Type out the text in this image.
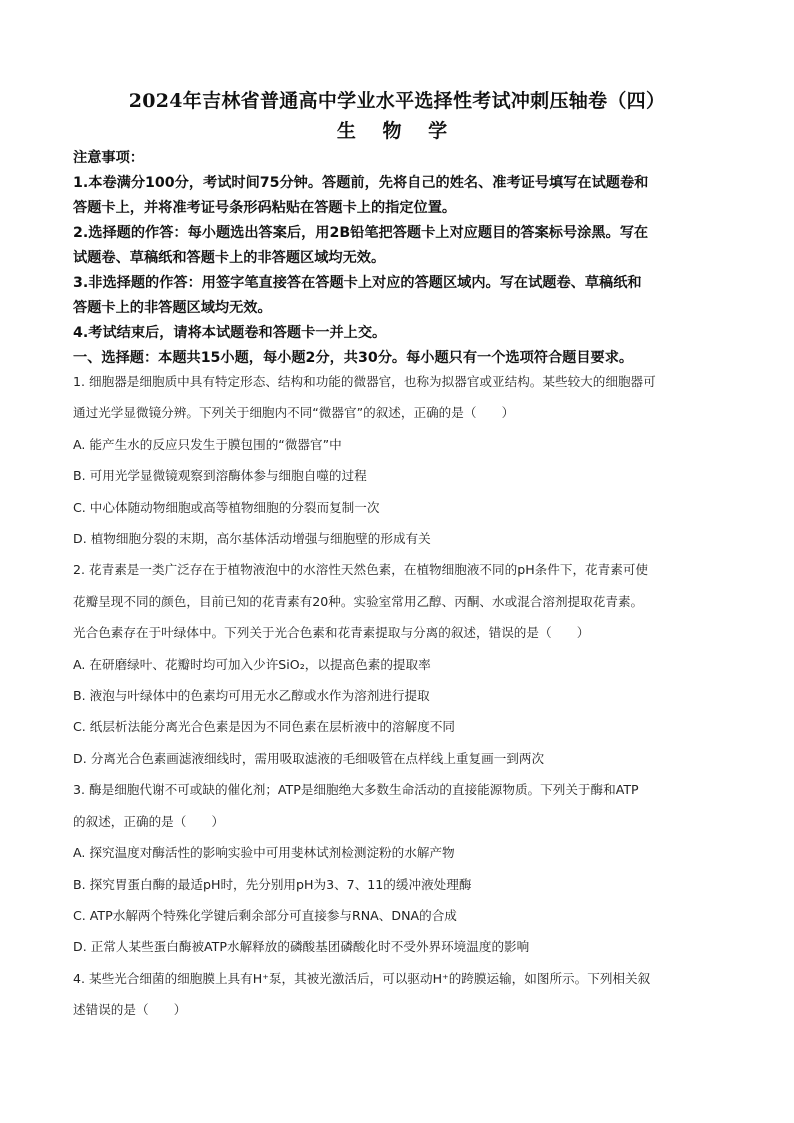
2024年吉林省普通高中学业水平选择性考试冲刺压轴卷（四）
生 物 学

注意事项：

1.本卷满分100分，考试时间75分钟。答题前，先将自己的姓名、准考证号填写在试题卷和

答题卡上，并将准考证号条形码粘贴在答题卡上的指定位置。

2.选择题的作答：每小题选出答案后，用2B铅笔把答题卡上对应题目的答案标号涂黑。写在

试题卷、草稿纸和答题卡上的非答题区域均无效。

3.非选择题的作答：用签字笔直接答在答题卡上对应的答题区域内。写在试题卷、草稿纸和

答题卡上的非答题区域均无效。

4.考试结束后，请将本试题卷和答题卡一并上交。

一、选择题：本题共15小题，每小题2分，共30分。每小题只有一个选项符合题目要求。

1. 细胞器是细胞质中具有特定形态、结构和功能的微器官，也称为拟器官或亚结构。某些较大的细胞器可

通过光学显微镜分辨。下列关于细胞内不同“微器官”的叙述，正确的是（　　）

A. 能产生水的反应只发生于膜包围的“微器官”中

B. 可用光学显微镜观察到溶酶体参与细胞自噬的过程

C. 中心体随动物细胞或高等植物细胞的分裂而复制一次

D. 植物细胞分裂的末期，高尔基体活动增强与细胞壁的形成有关

2. 花青素是一类广泛存在于植物液泡中的水溶性天然色素，在植物细胞液不同的pH条件下，花青素可使

花瓣呈现不同的颜色，目前已知的花青素有20种。实验室常用乙醇、丙酮、水或混合溶剂提取花青素。

光合色素存在于叶绿体中。下列关于光合色素和花青素提取与分离的叙述，错误的是（　　）

A. 在研磨绿叶、花瓣时均可加入少许SiO₂，以提高色素的提取率

B. 液泡与叶绿体中的色素均可用无水乙醇或水作为溶剂进行提取

C. 纸层析法能分离光合色素是因为不同色素在层析液中的溶解度不同

D. 分离光合色素画滤液细线时，需用吸取滤液的毛细吸管在点样线上重复画一到两次

3. 酶是细胞代谢不可或缺的催化剂；ATP是细胞绝大多数生命活动的直接能源物质。下列关于酶和ATP

的叙述，正确的是（　　）

A. 探究温度对酶活性的影响实验中可用斐林试剂检测淀粉的水解产物

B. 探究胃蛋白酶的最适pH时，先分别用pH为3、7、11的缓冲液处理酶

C. ATP水解两个特殊化学键后剩余部分可直接参与RNA、DNA的合成

D. 正常人某些蛋白酶被ATP水解释放的磷酸基团磷酸化时不受外界环境温度的影响

4. 某些光合细菌的细胞膜上具有H⁺泵，其被光激活后，可以驱动H⁺的跨膜运输，如图所示。下列相关叙

述错误的是（　　）
